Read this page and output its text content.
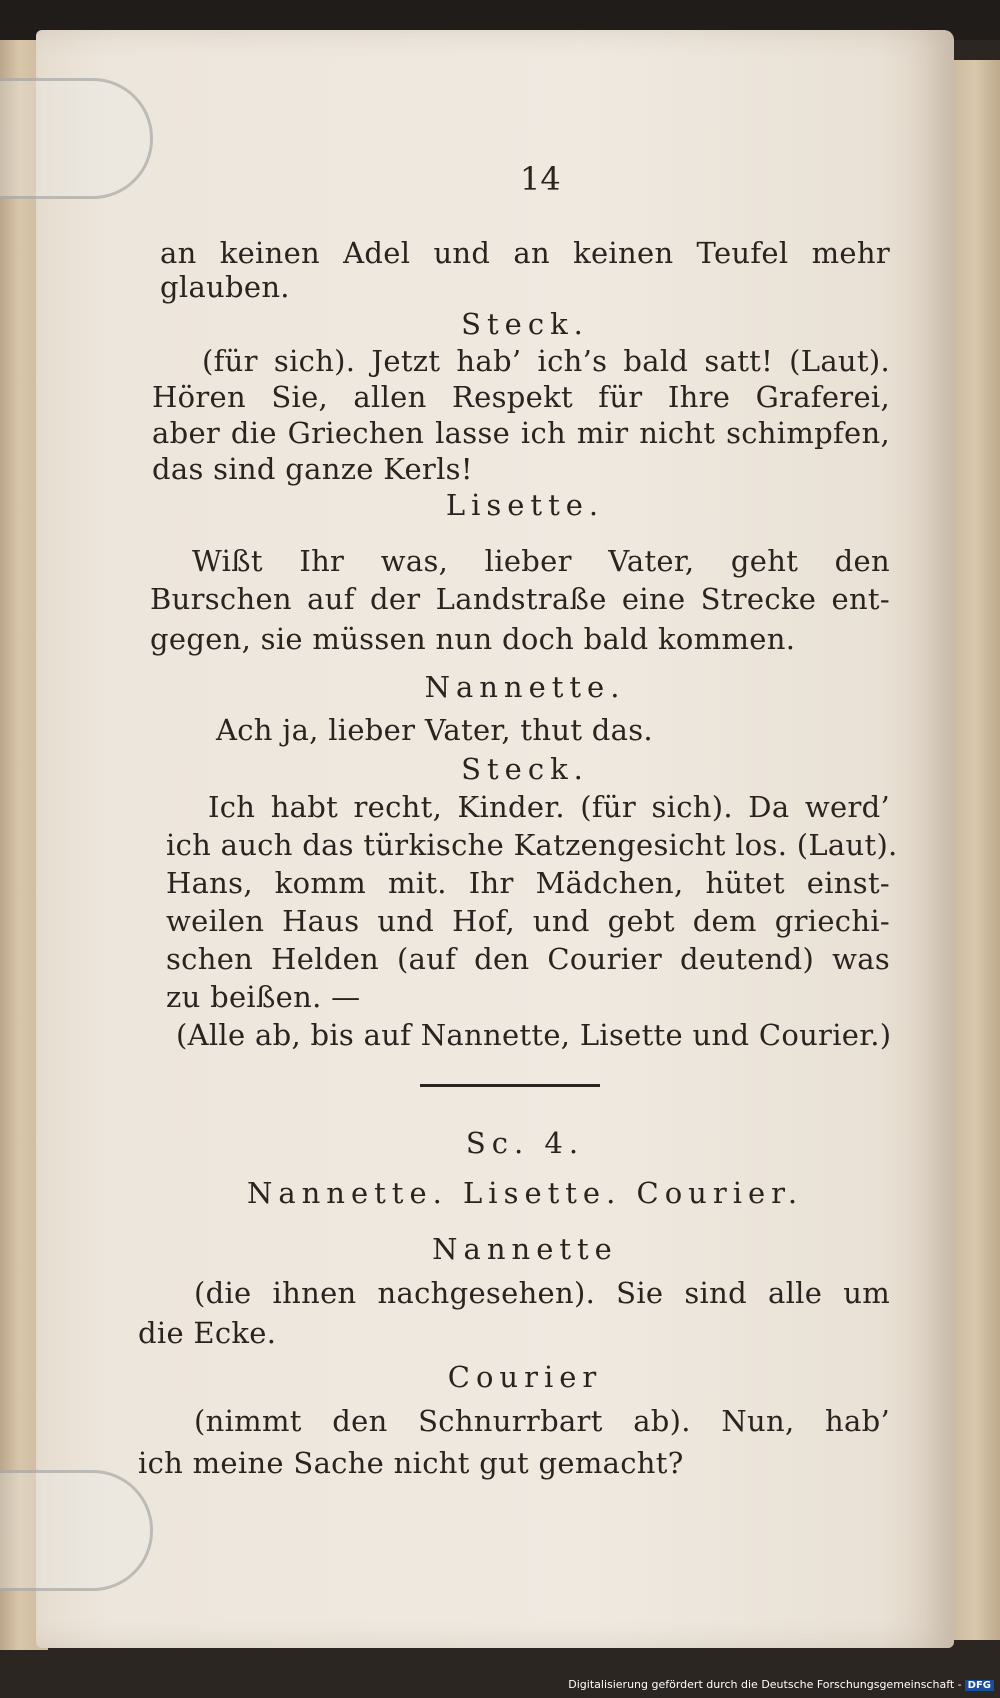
14
an keinen Adel und an keinen Teufel mehr
glauben.
Steck.
(für sich). Jetzt hab’ ich’s bald satt! (Laut).
Hören Sie, allen Respekt für Ihre Graferei,
aber die Griechen lasse ich mir nicht schimpfen,
das sind ganze Kerls!
Lisette.
Wißt Ihr was, lieber Vater, geht den
Burschen auf der Landstraße eine Strecke ent-
gegen, sie müssen nun doch bald kommen.
Nannette.
Ach ja, lieber Vater, thut das.
Steck.
Ich habt recht, Kinder. (für sich). Da werd’
ich auch das türkische Katzengesicht los. (Laut).
Hans, komm mit. Ihr Mädchen, hütet einst-
weilen Haus und Hof, und gebt dem griechi-
schen Helden (auf den Courier deutend) was
zu beißen. —
(Alle ab, bis auf Nannette, Lisette und Courier.)
Sc. 4.
Nannette. Lisette. Courier.
Nannette
(die ihnen nachgesehen). Sie sind alle um
die Ecke.
Courier
(nimmt den Schnurrbart ab). Nun, hab’
ich meine Sache nicht gut gemacht?
Digitalisierung gefördert durch die Deutsche Forschungsgemeinschaft - DFG
